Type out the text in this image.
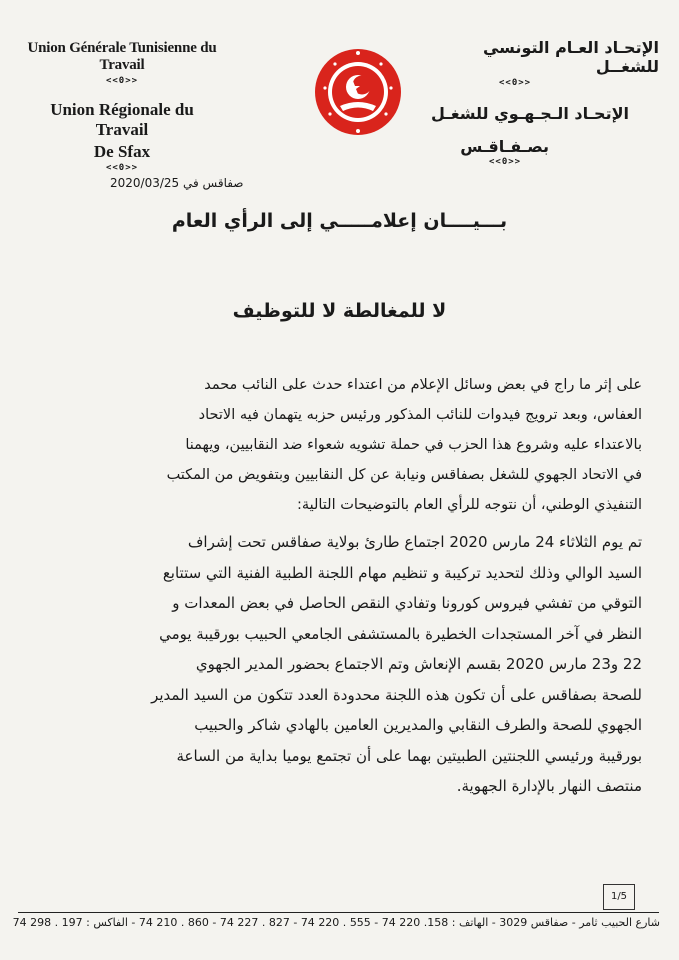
Union Générale Tunisienne du Travail
<<0>>
Union Régionale du Travail
De Sfax
<<0>>
الإتحـاد العـام التونسي للشغــل
<<0>>
الإتحـاد الـجـهـوي للشغـل
بصـفـاقـس
<<0>>
صفاقس في 2020/03/25
بـــيــــان إعلامـــــي إلى الرأي العام
لا للمغالطة لا للتوظيف
على إثر ما راج في بعض وسائل الإعلام من اعتداء حدث على النائب محمد
العفاس، وبعد ترويج فيدوات للنائب المذكور ورئيس حزبه يتهمان فيه الاتحاد
بالاعتداء عليه وشروع هذا الحزب في حملة تشويه شعواء ضد النقابيين، ويهمنا
في الاتحاد الجهوي للشغل بصفاقس ونيابة عن كل النقابيين وبتفويض من المكتب
التنفيذي الوطني، أن نتوجه للرأي العام بالتوضيحات التالية:
تم يوم الثلاثاء 24 مارس 2020 اجتماع طارئ بولاية صفاقس تحت إشراف
السيد الوالي وذلك لتحديد تركيبة و تنظيم مهام اللجنة الطبية الفنية التي ستتابع
التوقي من تفشي فيروس كورونا وتفادي النقص الحاصل في بعض المعدات و
النظر في آخر المستجدات الخطيرة بالمستشفى الجامعي الحبيب بورقيبة يومي
22 و23 مارس 2020 بقسم الإنعاش وتم الاجتماع بحضور المدير الجهوي
للصحة بصفاقس على أن تكون هذه اللجنة محدودة العدد تتكون من السيد المدير
الجهوي للصحة والطرف النقابي والمديرين العامين بالهادي شاكر والحبيب
بورقيبة ورئيسي اللجنتين الطبيتين بهما على أن تجتمع يوميا بداية من الساعة
منتصف النهار بالإدارة الجهوية.
1/5
شارع الحبيب ثامر - صفاقس 3029 - الهاتف : 158. 220 74 - 555 . 220 74 - 827 . 227 74 - 860 . 210 74 - الفاكس : 197 . 298 74
